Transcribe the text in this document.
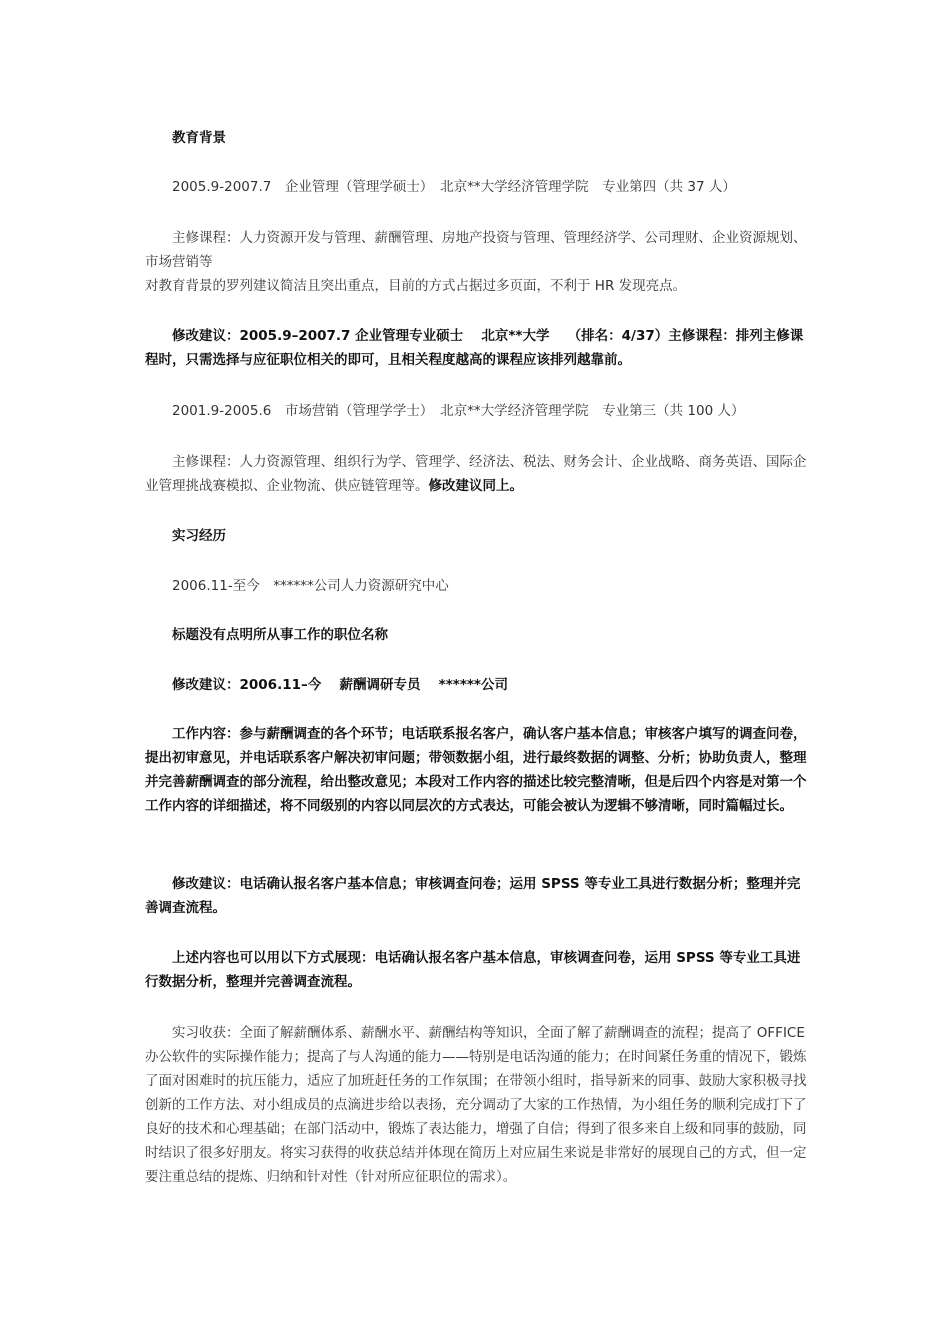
教育背景

2005.9-2007.7　企业管理（管理学硕士）　北京**大学经济管理学院　专业第四（共 37 人）

主修课程：人力资源开发与管理、薪酬管理、房地产投资与管理、管理经济学、公司理财、企业资源规划、市场营销等

对教育背景的罗列建议简洁且突出重点，目前的方式占据过多页面，不利于 HR 发现亮点。

修改建议：2005.9–2007.7 企业管理专业硕士　 北京**大学　 （排名：4/37）主修课程：排列主修课程时，只需选择与应征职位相关的即可，且相关程度越高的课程应该排列越靠前。

2001.9-2005.6　市场营销（管理学学士）　北京**大学经济管理学院　专业第三（共 100 人）

主修课程：人力资源管理、组织行为学、管理学、经济法、税法、财务会计、企业战略、商务英语、国际企业管理挑战赛模拟、企业物流、供应链管理等。修改建议同上。

实习经历

2006.11-至今　******公司人力资源研究中心

标题没有点明所从事工作的职位名称

修改建议：2006.11–今　 薪酬调研专员　 ******公司

工作内容：参与薪酬调查的各个环节；电话联系报名客户，确认客户基本信息；审核客户填写的调查问卷，提出初审意见，并电话联系客户解决初审问题；带领数据小组，进行最终数据的调整、分析；协助负责人，整理并完善薪酬调查的部分流程，给出整改意见；本段对工作内容的描述比较完整清晰，但是后四个内容是对第一个工作内容的详细描述，将不同级别的内容以同层次的方式表达，可能会被认为逻辑不够清晰，同时篇幅过长。

修改建议：电话确认报名客户基本信息；审核调查问卷；运用 SPSS 等专业工具进行数据分析；整理并完善调查流程。

上述内容也可以用以下方式展现：电话确认报名客户基本信息，审核调查问卷，运用 SPSS 等专业工具进行数据分析，整理并完善调查流程。

实习收获：全面了解薪酬体系、薪酬水平、薪酬结构等知识，全面了解了薪酬调查的流程；提高了 OFFICE 办公软件的实际操作能力；提高了与人沟通的能力——特别是电话沟通的能力；在时间紧任务重的情况下，锻炼了面对困难时的抗压能力，适应了加班赶任务的工作氛围；在带领小组时，指导新来的同事、鼓励大家积极寻找创新的工作方法、对小组成员的点滴进步给以表扬，充分调动了大家的工作热情，为小组任务的顺利完成打下了良好的技术和心理基础；在部门活动中，锻炼了表达能力，增强了自信；得到了很多来自上级和同事的鼓励，同时结识了很多好朋友。将实习获得的收获总结并体现在简历上对应届生来说是非常好的展现自己的方式，但一定要注重总结的提炼、归纳和针对性（针对所应征职位的需求）。
